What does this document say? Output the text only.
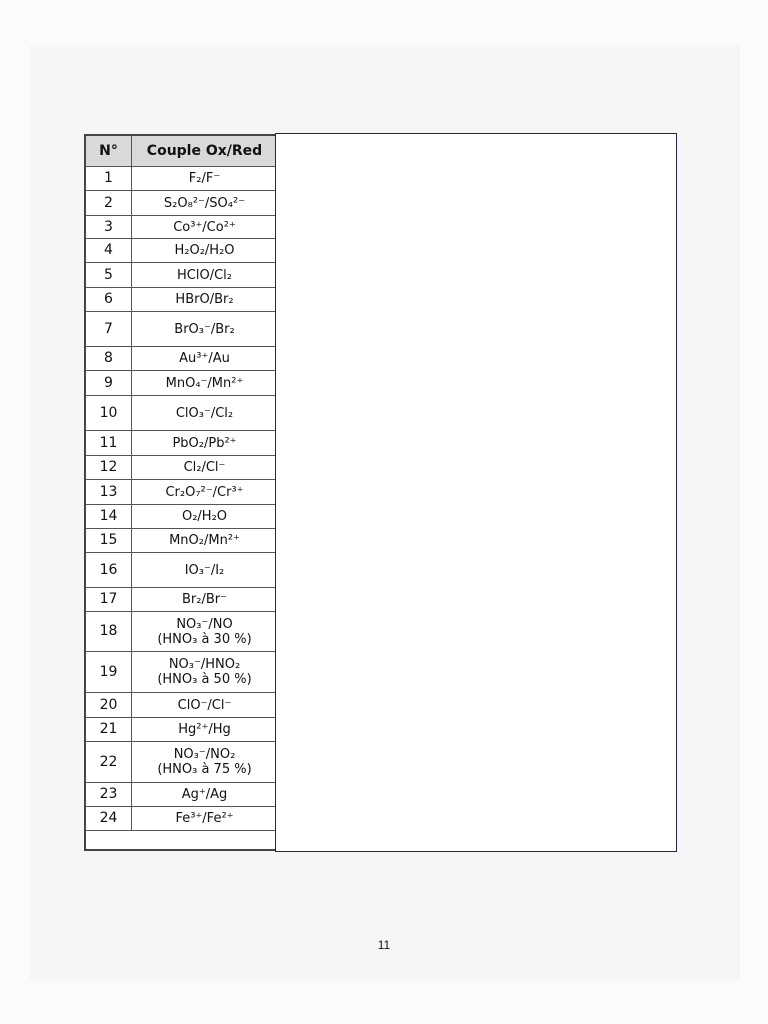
N°	Couple Ox/Red
1	F₂/F⁻

2	S₂O₈²⁻/SO₄²⁻

3	Co³⁺/Co²⁺

4	H₂O₂/H₂O

5	HClO/Cl₂

6	HBrO/Br₂

7	BrO₃⁻/Br₂

8	Au³⁺/Au

9	MnO₄⁻/Mn²⁺

10	ClO₃⁻/Cl₂

11	PbO₂/Pb²⁺

12	Cl₂/Cl⁻

13	Cr₂O₇²⁻/Cr³⁺

14	O₂/H₂O

15	MnO₂/Mn²⁺

16	IO₃⁻/I₂

17	Br₂/Br⁻

18	NO₃⁻/NO
(HNO₃ à 30 %)

19	NO₃⁻/HNO₂
(HNO₃ à 50 %)

20	ClO⁻/Cl⁻

21	Hg²⁺/Hg

22	NO₃⁻/NO₂
(HNO₃ à 75 %)

23	Ag⁺/Ag

24	Fe³⁺/Fe²⁺
11
